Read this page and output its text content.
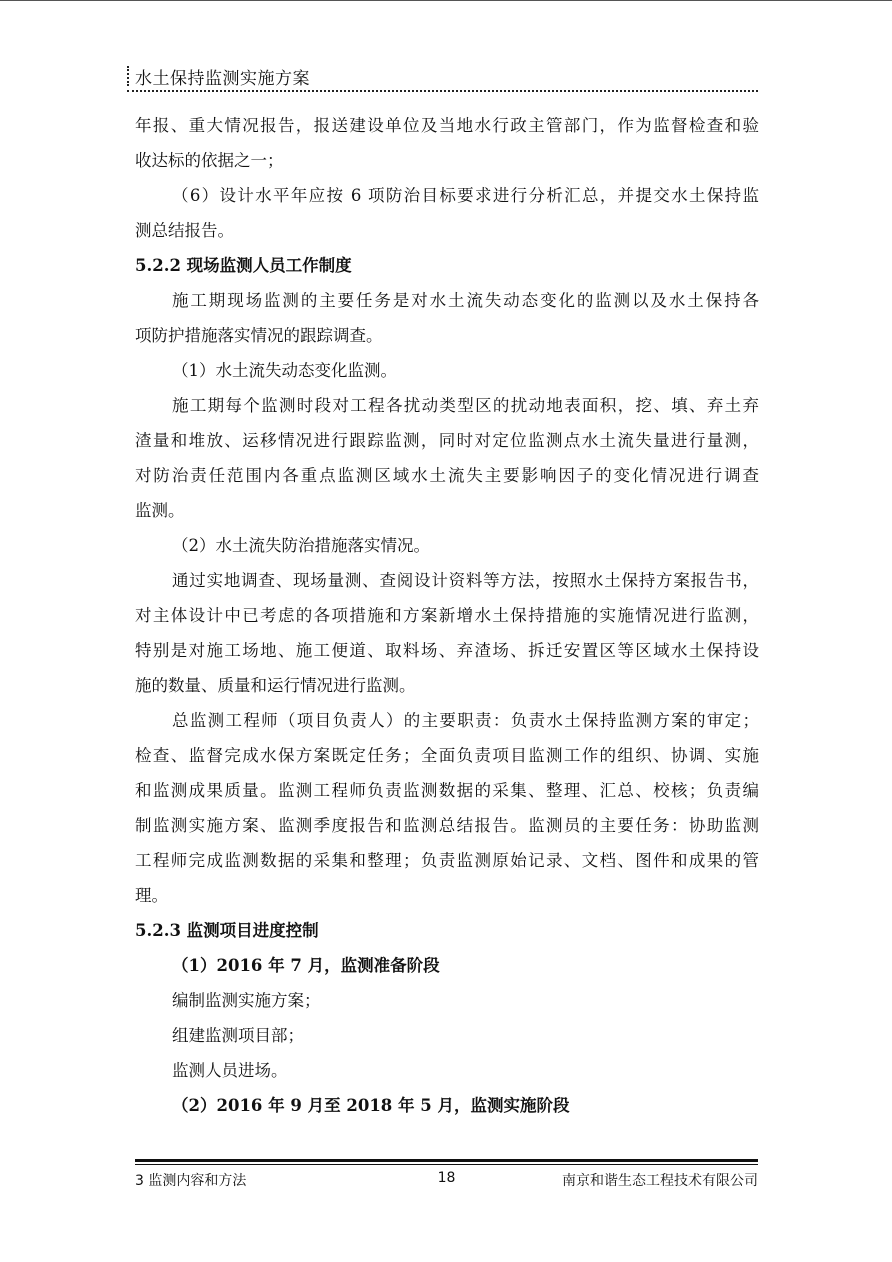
水土保持监测实施方案
年报、重大情况报告，报送建设单位及当地水行政主管部门，作为监督检查和验
收达标的依据之一；
（6）设计水平年应按 6 项防治目标要求进行分析汇总，并提交水土保持监
测总结报告。
5.2.2 现场监测人员工作制度
施工期现场监测的主要任务是对水土流失动态变化的监测以及水土保持各
项防护措施落实情况的跟踪调查。
（1）水土流失动态变化监测。
施工期每个监测时段对工程各扰动类型区的扰动地表面积，挖、填、弃土弃
渣量和堆放、运移情况进行跟踪监测，同时对定位监测点水土流失量进行量测，
对防治责任范围内各重点监测区域水土流失主要影响因子的变化情况进行调查
监测。
（2）水土流失防治措施落实情况。
通过实地调查、现场量测、查阅设计资料等方法，按照水土保持方案报告书，
对主体设计中已考虑的各项措施和方案新增水土保持措施的实施情况进行监测，
特别是对施工场地、施工便道、取料场、弃渣场、拆迁安置区等区域水土保持设
施的数量、质量和运行情况进行监测。
总监测工程师（项目负责人）的主要职责：负责水土保持监测方案的审定；
检查、监督完成水保方案既定任务；全面负责项目监测工作的组织、协调、实施
和监测成果质量。监测工程师负责监测数据的采集、整理、汇总、校核；负责编
制监测实施方案、监测季度报告和监测总结报告。监测员的主要任务：协助监测
工程师完成监测数据的采集和整理；负责监测原始记录、文档、图件和成果的管
理。
5.2.3 监测项目进度控制
（1）2016 年 7 月，监测准备阶段
编制监测实施方案；
组建监测项目部；
监测人员进场。
（2）2016 年 9 月至 2018 年 5 月，监测实施阶段
3 监测内容和方法	18	南京和谐生态工程技术有限公司
